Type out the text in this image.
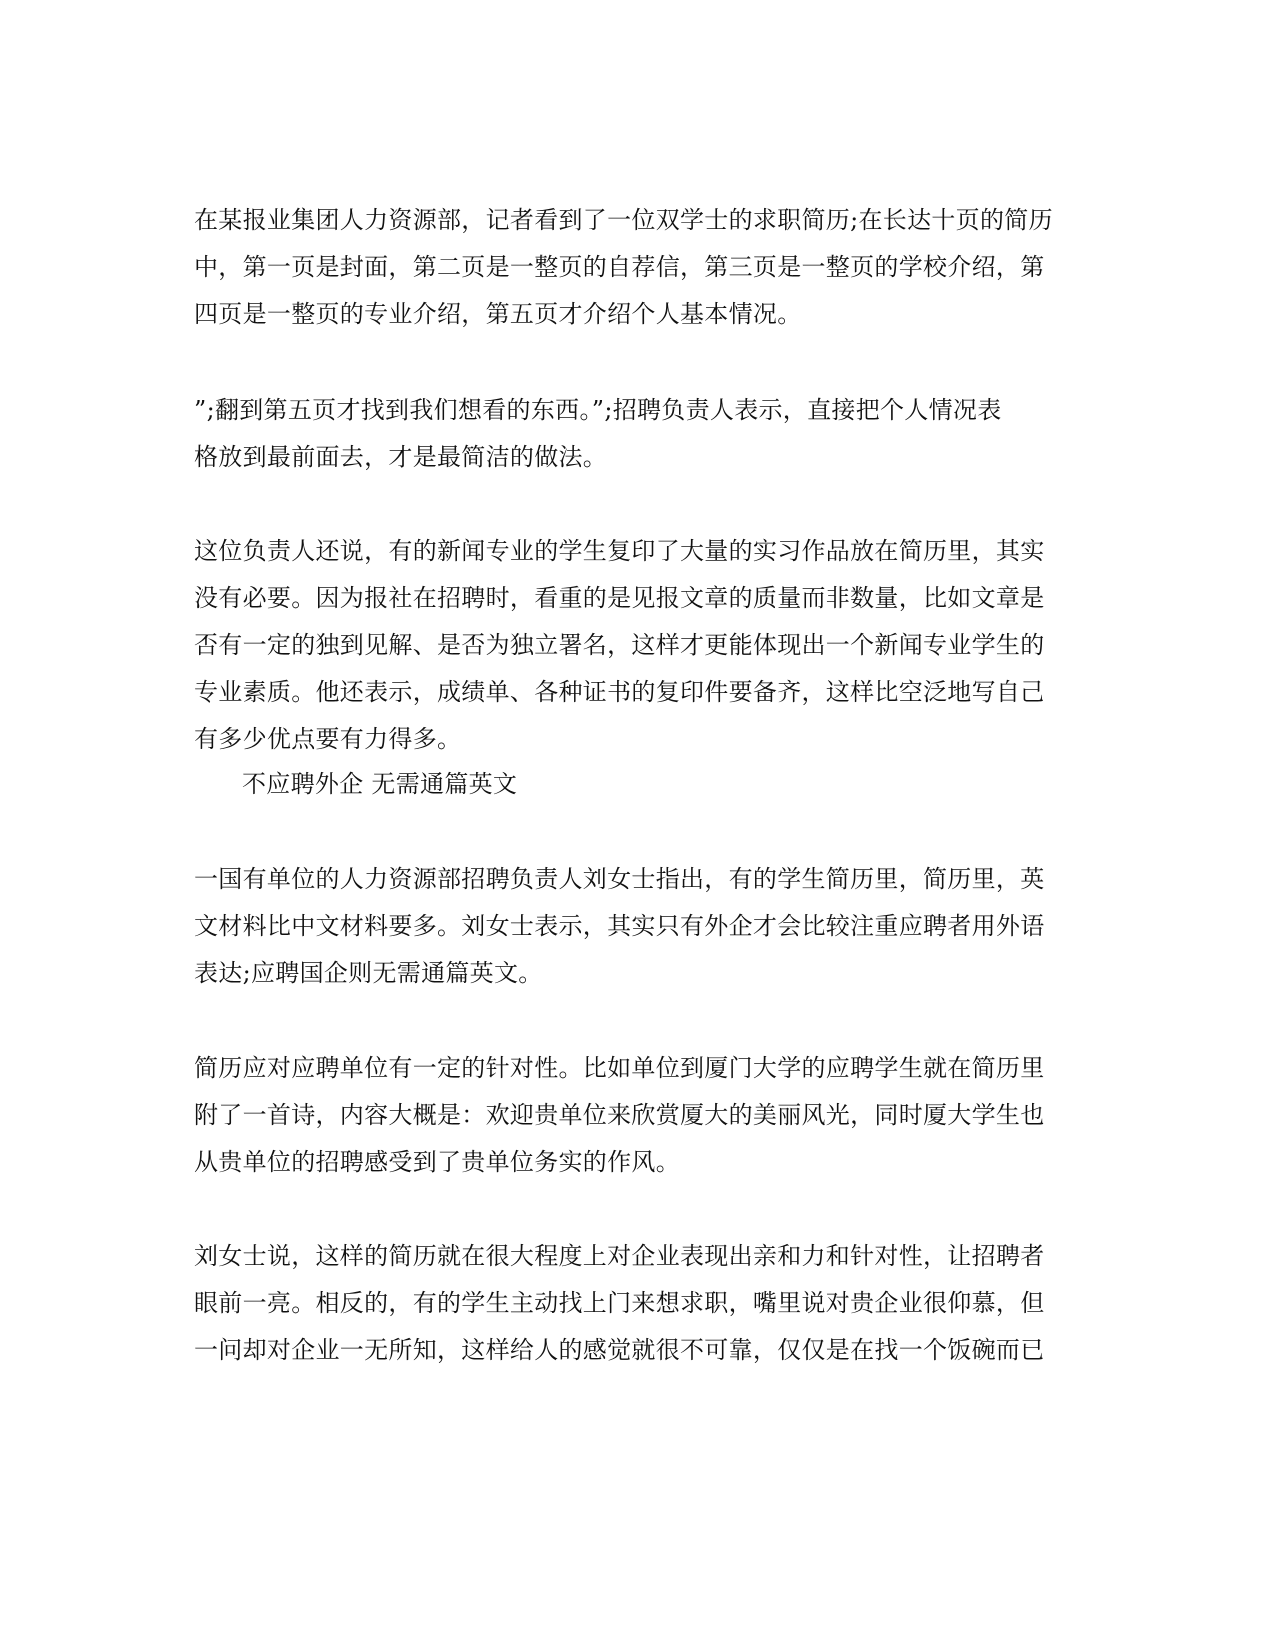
在某报业集团人力资源部，记者看到了一位双学士的求职简历;在长达十页的简历
中，第一页是封面，第二页是一整页的自荐信，第三页是一整页的学校介绍，第
四页是一整页的专业介绍，第五页才介绍个人基本情况。
”;翻到第五页才找到我们想看的东西。”;招聘负责人表示，直接把个人情况表
格放到最前面去，才是最简洁的做法。
这位负责人还说，有的新闻专业的学生复印了大量的实习作品放在简历里，其实
没有必要。因为报社在招聘时，看重的是见报文章的质量而非数量，比如文章是
否有一定的独到见解、是否为独立署名，这样才更能体现出一个新闻专业学生的
专业素质。他还表示，成绩单、各种证书的复印件要备齐，这样比空泛地写自己
有多少优点要有力得多。
不应聘外企 无需通篇英文
一国有单位的人力资源部招聘负责人刘女士指出，有的学生简历里，简历里，英
文材料比中文材料要多。刘女士表示，其实只有外企才会比较注重应聘者用外语
表达;应聘国企则无需通篇英文。
简历应对应聘单位有一定的针对性。比如单位到厦门大学的应聘学生就在简历里
附了一首诗，内容大概是：欢迎贵单位来欣赏厦大的美丽风光，同时厦大学生也
从贵单位的招聘感受到了贵单位务实的作风。
刘女士说，这样的简历就在很大程度上对企业表现出亲和力和针对性，让招聘者
眼前一亮。相反的，有的学生主动找上门来想求职，嘴里说对贵企业很仰慕，但
一问却对企业一无所知，这样给人的感觉就很不可靠，仅仅是在找一个饭碗而已
